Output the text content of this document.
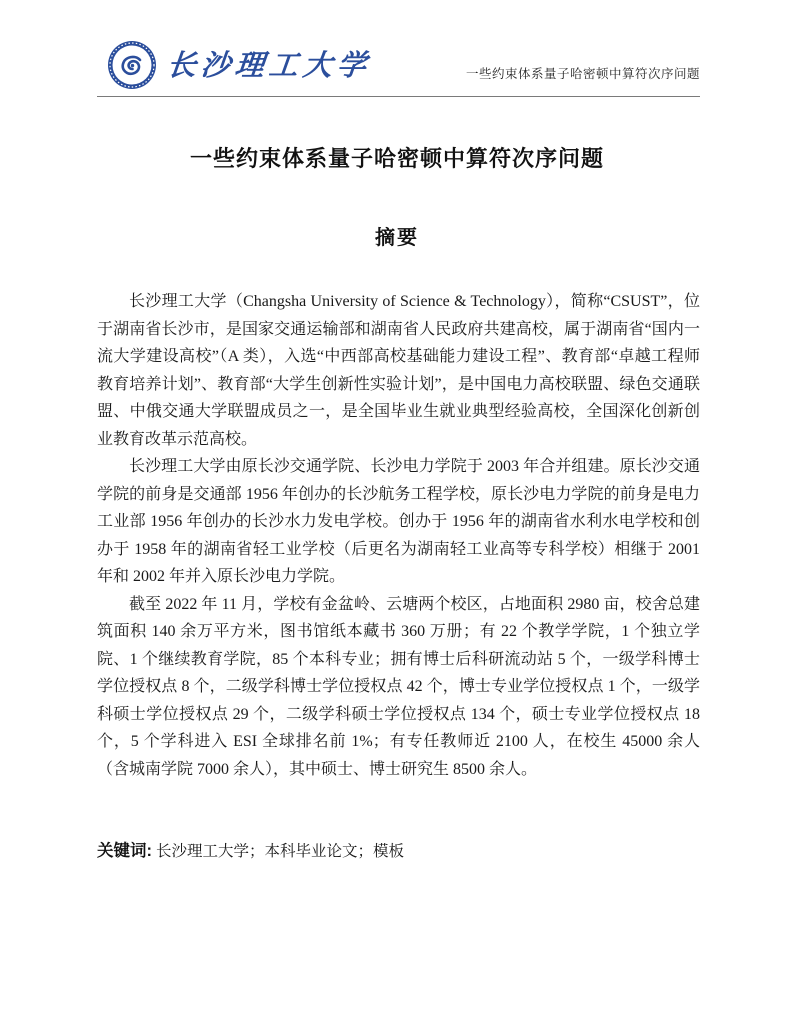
长沙理工大学	一些约束体系量子哈密顿中算符次序问题
一些约束体系量子哈密顿中算符次序问题
摘要

长沙理工大学（Changsha University of Science & Technology），简称“CSUST”，位于湖南省长沙市，是国家交通运输部和湖南省人民政府共建高校，属于湖南省“国内一流大学建设高校”（A 类），入选“中西部高校基础能力建设工程”、教育部“卓越工程师教育培养计划”、教育部“大学生创新性实验计划”，是中国电力高校联盟、绿色交通联盟、中俄交通大学联盟成员之一，是全国毕业生就业典型经验高校，全国深化创新创业教育改革示范高校。

长沙理工大学由原长沙交通学院、长沙电力学院于 2003 年合并组建。原长沙交通学院的前身是交通部 1956 年创办的长沙航务工程学校，原长沙电力学院的前身是电力工业部 1956 年创办的长沙水力发电学校。创办于 1956 年的湖南省水利水电学校和创办于 1958 年的湖南省轻工业学校（后更名为湖南轻工业高等专科学校）相继于 2001 年和 2002 年并入原长沙电力学院。

截至 2022 年 11 月，学校有金盆岭、云塘两个校区，占地面积 2980 亩，校舍总建筑面积 140 余万平方米，图书馆纸本藏书 360 万册；有 22 个教学学院，1 个独立学院、1 个继续教育学院，85 个本科专业；拥有博士后科研流动站 5 个，一级学科博士学位授权点 8 个，二级学科博士学位授权点 42 个，博士专业学位授权点 1 个，一级学科硕士学位授权点 29 个，二级学科硕士学位授权点 134 个，硕士专业学位授权点 18 个，5 个学科进入 ESI 全球排名前 1%；有专任教师近 2100 人，在校生 45000 余人（含城南学院 7000 余人），其中硕士、博士研究生 8500 余人。

关键词: 长沙理工大学；本科毕业论文；模板
